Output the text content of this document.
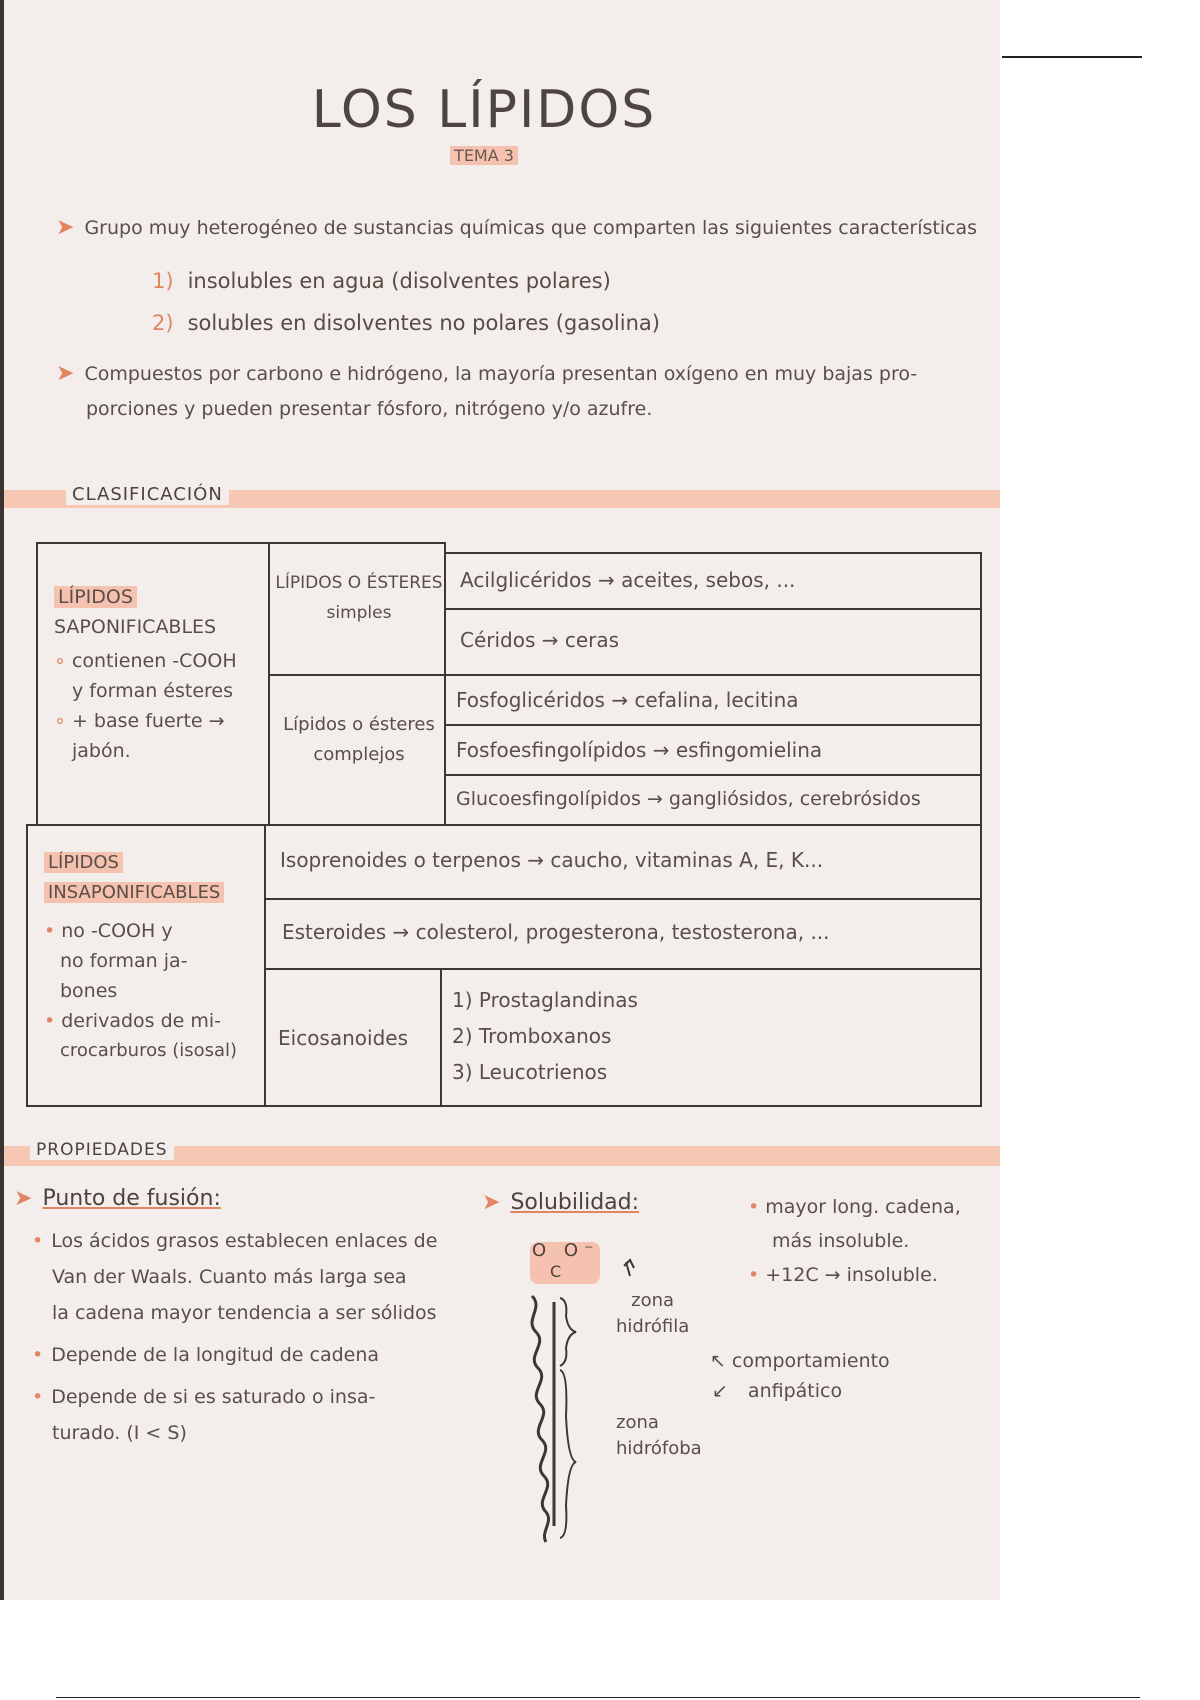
LOS LÍPIDOS
TEMA 3
➤ Grupo muy heterogéneo de sustancias químicas que comparten las siguientes características
1) insolubles en agua (disolventes polares)
2) solubles en disolventes no polares (gasolina)
➤ Compuestos por carbono e hidrógeno, la mayoría presentan oxígeno en muy bajas pro-
porciones y pueden presentar fósforo, nitrógeno y/o azufre.
CLASIFICACIÓN
LÍPIDOS
SAPONIFICABLES
∘ contienen -COOH
y forman ésteres
∘ + base fuerte →
jabón.
LÍPIDOS O ÉSTERES
simples
Lípidos o ésteres
complejos
Acilglicéridos → aceites, sebos, ...
Céridos → ceras
Fosfoglicéridos → cefalina, lecitina
Fosfoesfingolípidos → esfingomielina
Glucoesfingolípidos → gangliósidos, cerebrósidos
LÍPIDOS
INSAPONIFICABLES
• no -COOH y
no forman ja-
bones
• derivados de mi-
crocarburos (isosal)
Isoprenoides o terpenos → caucho, vitaminas A, E, K...
Esteroides → colesterol, progesterona, testosterona, ...
Eicosanoides
1) Prostaglandinas
2) Tromboxanos
3) Leucotrienos
PROPIEDADES
➤ Punto de fusión:
• Los ácidos grasos establecen enlaces de
Van der Waals. Cuanto más larga sea
la cadena mayor tendencia a ser sólidos
• Depende de la longitud de cadena
• Depende de si es saturado o insa-
turado. (I < S)
➤ Solubilidad:
O O⁻
C
zona
hidrófila
zona
hidrófoba
↖ comportamiento
↙ anfipático
• mayor long. cadena,
más insoluble.
• +12C → insoluble.
